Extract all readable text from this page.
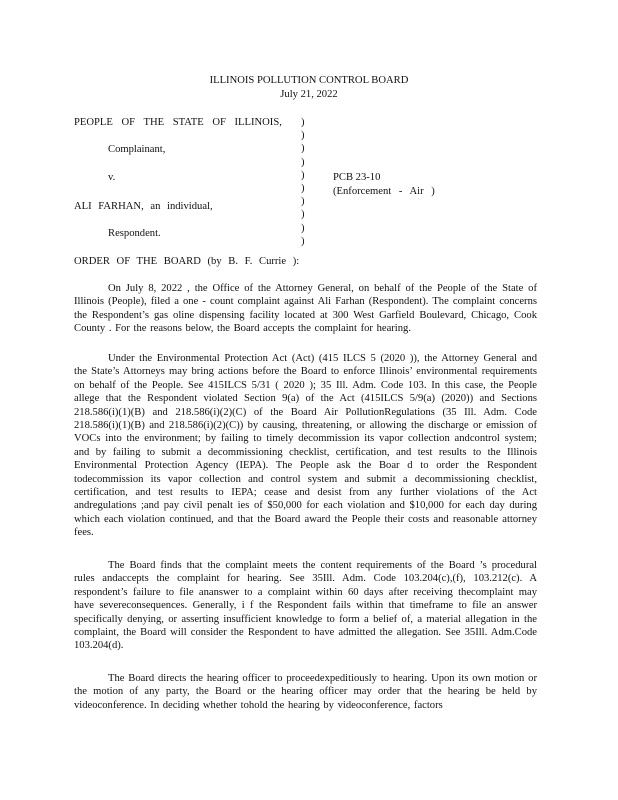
ILLINOIS POLLUTION CONTROL BOARD
July 21, 2022
PEOPLE OF THE STATE OF ILLINOIS,
Complainant,
v.
ALI FARHAN, an individual,
Respondent.
)
)
)
)
)
)
)
)
)
)
PCB 23-10
(Enforcement - Air )
ORDER OF THE BOARD (by B. F. Currie ):
On July 8, 2022 , the Office of the Attorney General, on behalf of the People of the State of Illinois (People), filed a one - count complaint against Ali Farhan (Respondent). The complaint concerns the Respondent’s gas oline dispensing facility located at 300 West Garfield Boulevard, Chicago, Cook County . For the reasons below, the Board accepts the complaint for hearing.
Under the Environmental Protection Act (Act) (415 ILCS 5 (2020 )), the Attorney General and the State’s Attorneys may bring actions before the Board to enforce Illinois’ environmental requirements on behalf of the People. See 415ILCS 5/31 ( 2020 ); 35 Ill. Adm. Code 103. In this case, the People allege that the Respondent violated Section 9(a) of the Act (415ILCS 5/9(a) (2020)) and Sections 218.586(i)(1)(B) and 218.586(i)(2)(C) of the Board Air PollutionRegulations (35 Ill. Adm. Code 218.586(i)(1)(B) and 218.586(i)(2)(C)) by causing, threatening, or allowing the discharge or emission of VOCs into the environment; by failing to timely decommission its vapor collection andcontrol system; and by failing to submit a decommissioning checklist, certification, and test results to the Illinois Environmental Protection Agency (IEPA). The People ask the Boar d to order the Respondent todecommission its vapor collection and control system and submit a decommissioning checklist, certification, and test results to IEPA; cease and desist from any further violations of the Act andregulations ;and pay civil penalt ies of $50,000 for each violation and $10,000 for each day during which each violation continued, and that the Board award the People their costs and reasonable attorney fees.
The Board finds that the complaint meets the content requirements of the Board ’s procedural rules andaccepts the complaint for hearing. See 35Ill. Adm. Code 103.204(c),(f), 103.212(c). A respondent’s failure to file ananswer to a complaint within 60 days after receiving thecomplaint may have severeconsequences. Generally, i f the Respondent fails within that timeframe to file an answer specifically denying, or asserting insufficient knowledge to form a belief of, a material allegation in the complaint, the Board will consider the Respondent to have admitted the allegation. See 35Ill. Adm.Code 103.204(d).
The Board directs the hearing officer to proceedexpeditiously to hearing. Upon its own motion or the motion of any party, the Board or the hearing officer may order that the hearing be held by videoconference. In deciding whether tohold the hearing by videoconference, factors
